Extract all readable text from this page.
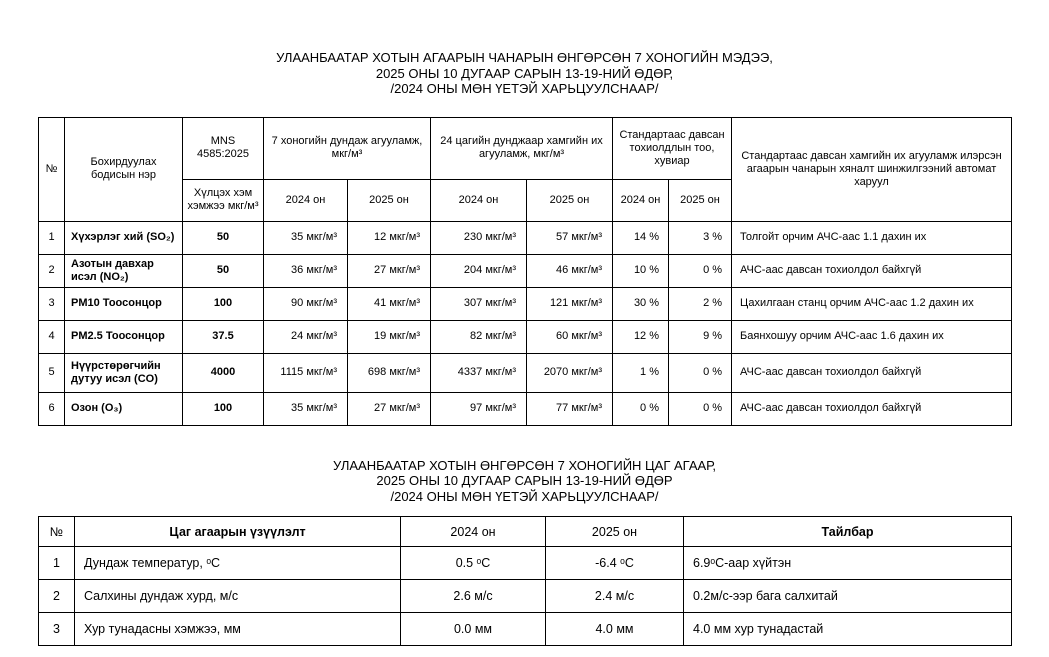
УЛААНБААТАР ХОТЫН АГААРЫН ЧАНАРЫН ӨНГӨРСӨН 7 ХОНОГИЙН МЭДЭЭ,
2025 ОНЫ 10 ДУГААР САРЫН 13-19-НИЙ ӨДӨР,
/2024 ОНЫ МӨН ҮЕТЭЙ ХАРЬЦУУЛСНААР/
№	Бохирдуулах бодисын нэр	MNS 4585:2025	7 хоногийн дундаж агууламж, мкг/м³		24 цагийн дунджаар хамгийн их агууламж, мкг/м³		Стандартаас давсан тохиолдлын тоо, хувиар		Стандартаас давсан хамгийн их агууламж илэрсэн агаарын чанарын хяналт шинжилгээний автомат харуул
		Хүлцэх хэм хэмжээ мкг/м³	2024 он	2025 он	2024 он	2025 он	2024 он	2025 он	
1	Хүхэрлэг хий (SO₂)	50	35 мкг/м³	12 мкг/м³	230 мкг/м³	57 мкг/м³	14 %	3 %	Толгойт орчим АЧС-аас 1.1 дахин их
2	Азотын давхар исэл (NO₂)	50	36 мкг/м³	27 мкг/м³	204 мкг/м³	46 мкг/м³	10 %	0 %	АЧС-аас давсан тохиолдол байхгүй
3	PM10 Тоосонцор	100	90 мкг/м³	41 мкг/м³	307 мкг/м³	121 мкг/м³	30 %	2 %	Цахилгаан станц орчим АЧС-аас 1.2 дахин их
4	PM2.5 Тоосонцор	37.5	24 мкг/м³	19 мкг/м³	82 мкг/м³	60 мкг/м³	12 %	9 %	Баянхошуу орчим АЧС-аас 1.6 дахин их
5	Нүүрстөрөгчийн дутуу исэл (CO)	4000	1115 мкг/м³	698 мкг/м³	4337 мкг/м³	2070 мкг/м³	1 %	0 %	АЧС-аас давсан тохиолдол байхгүй
6	Озон (O₃)	100	35 мкг/м³	27 мкг/м³	97 мкг/м³	77 мкг/м³	0 %	0 %	АЧС-аас давсан тохиолдол байхгүй
УЛААНБААТАР ХОТЫН ӨНГӨРСӨН 7 ХОНОГИЙН ЦАГ АГААР,
2025 ОНЫ 10 ДУГААР САРЫН 13-19-НИЙ ӨДӨР
/2024 ОНЫ МӨН ҮЕТЭЙ ХАРЬЦУУЛСНААР/
№	Цаг агаарын үзүүлэлт	2024 он	2025 он	Тайлбар
1	Дундаж температур, ᵒС	0.5 ᵒС	-6.4 ᵒС	6.9ᵒС-аар хүйтэн
2	Салхины дундаж хурд, м/с	2.6 м/с	2.4 м/с	0.2м/с-ээр бага салхитай
3	Хур тунадасны хэмжээ, мм	0.0 мм	4.0 мм	4.0 мм хур тунадастай
